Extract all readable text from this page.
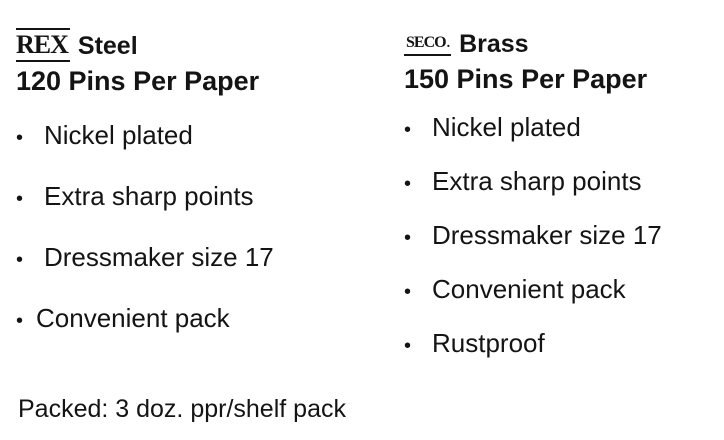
REX Steel
120 Pins Per Paper
• Nickel plated
• Extra sharp points
• Dressmaker size 17
• Convenient pack
SECO. Brass
150 Pins Per Paper
• Nickel plated
• Extra sharp points
• Dressmaker size 17
• Convenient pack
• Rustproof
Packed: 3 doz. ppr/shelf pack
